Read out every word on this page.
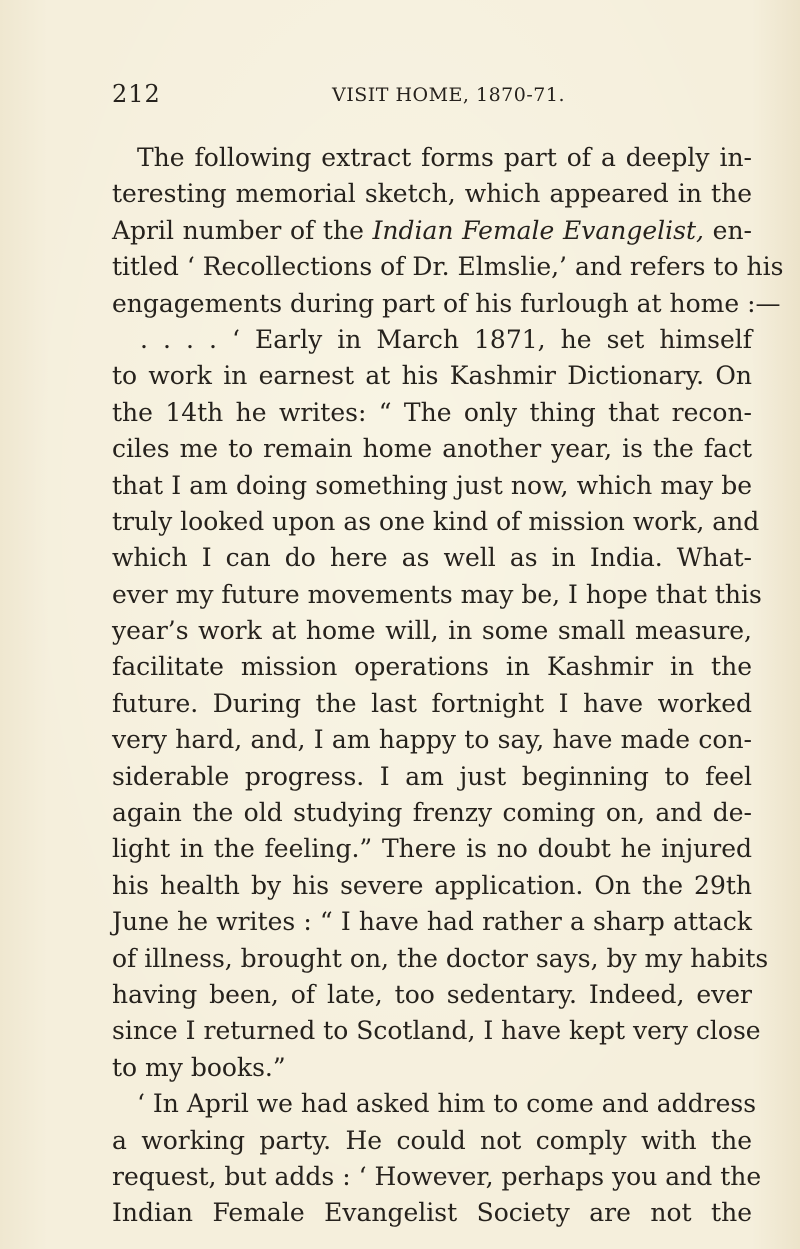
212	VISIT HOME, 1870-71.
The following extract forms part of a deeply in-
teresting memorial sketch, which appeared in the
April number of the Indian Female Evangelist, en-
titled ‘ Recollections of Dr. Elmslie,’ and refers to his
engagements during part of his furlough at home :—
. . . . ‘ Early in March 1871, he set himself
to work in earnest at his Kashmir Dictionary. On
the 14th he writes: “ The only thing that recon-
ciles me to remain home another year, is the fact
that I am doing something just now, which may be
truly looked upon as one kind of mission work, and
which I can do here as well as in India. What-
ever my future movements may be, I hope that this
year’s work at home will, in some small measure,
facilitate mission operations in Kashmir in the
future. During the last fortnight I have worked
very hard, and, I am happy to say, have made con-
siderable progress. I am just beginning to feel
again the old studying frenzy coming on, and de-
light in the feeling.” There is no doubt he injured
his health by his severe application. On the 29th
June he writes : “ I have had rather a sharp attack
of illness, brought on, the doctor says, by my habits
having been, of late, too sedentary. Indeed, ever
since I returned to Scotland, I have kept very close
to my books.”
‘ In April we had asked him to come and address
a working party. He could not comply with the
request, but adds : ‘ However, perhaps you and the
Indian Female Evangelist Society are not the
